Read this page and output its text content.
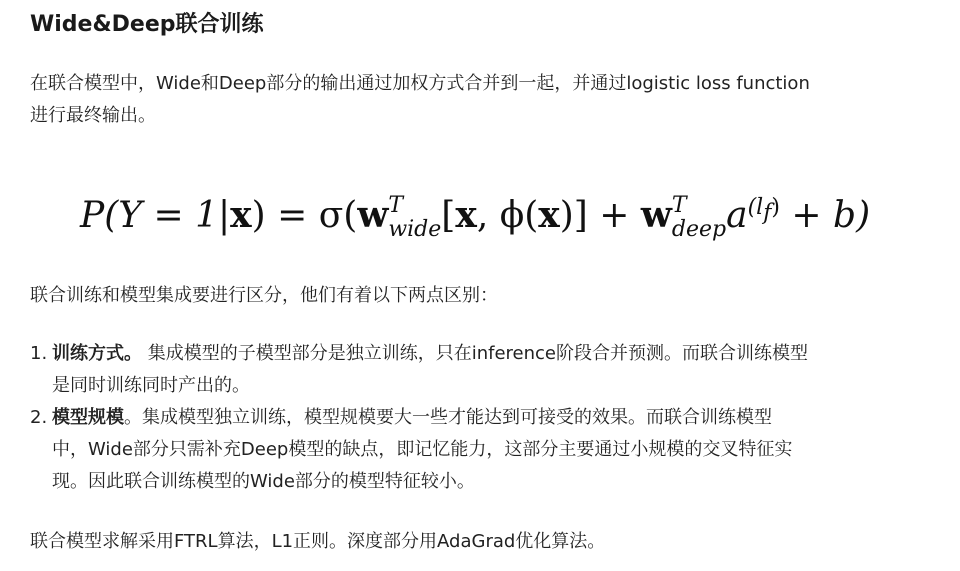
Wide&Deep联合训练

在联合模型中，Wide和Deep部分的输出通过加权方式合并到一起，并通过logistic loss function
进行最终输出。

P(Y = 1|x) = σ(w T
wide [x, ϕ(x)] + w T
deep $a^{(l_f)} + b$)

联合训练和模型集成要进行区分，他们有着以下两点区别：

1. 训练方式。 集成模型的子模型部分是独立训练，只在inference阶段合并预测。而联合训练模型
是同时训练同时产出的。
2. 模型规模。集成模型独立训练，模型规模要大一些才能达到可接受的效果。而联合训练模型
中，Wide部分只需补充Deep模型的缺点，即记忆能力，这部分主要通过小规模的交叉特征实
现。因此联合训练模型的Wide部分的模型特征较小。

联合模型求解采用FTRL算法，L1正则。深度部分用AdaGrad优化算法。
